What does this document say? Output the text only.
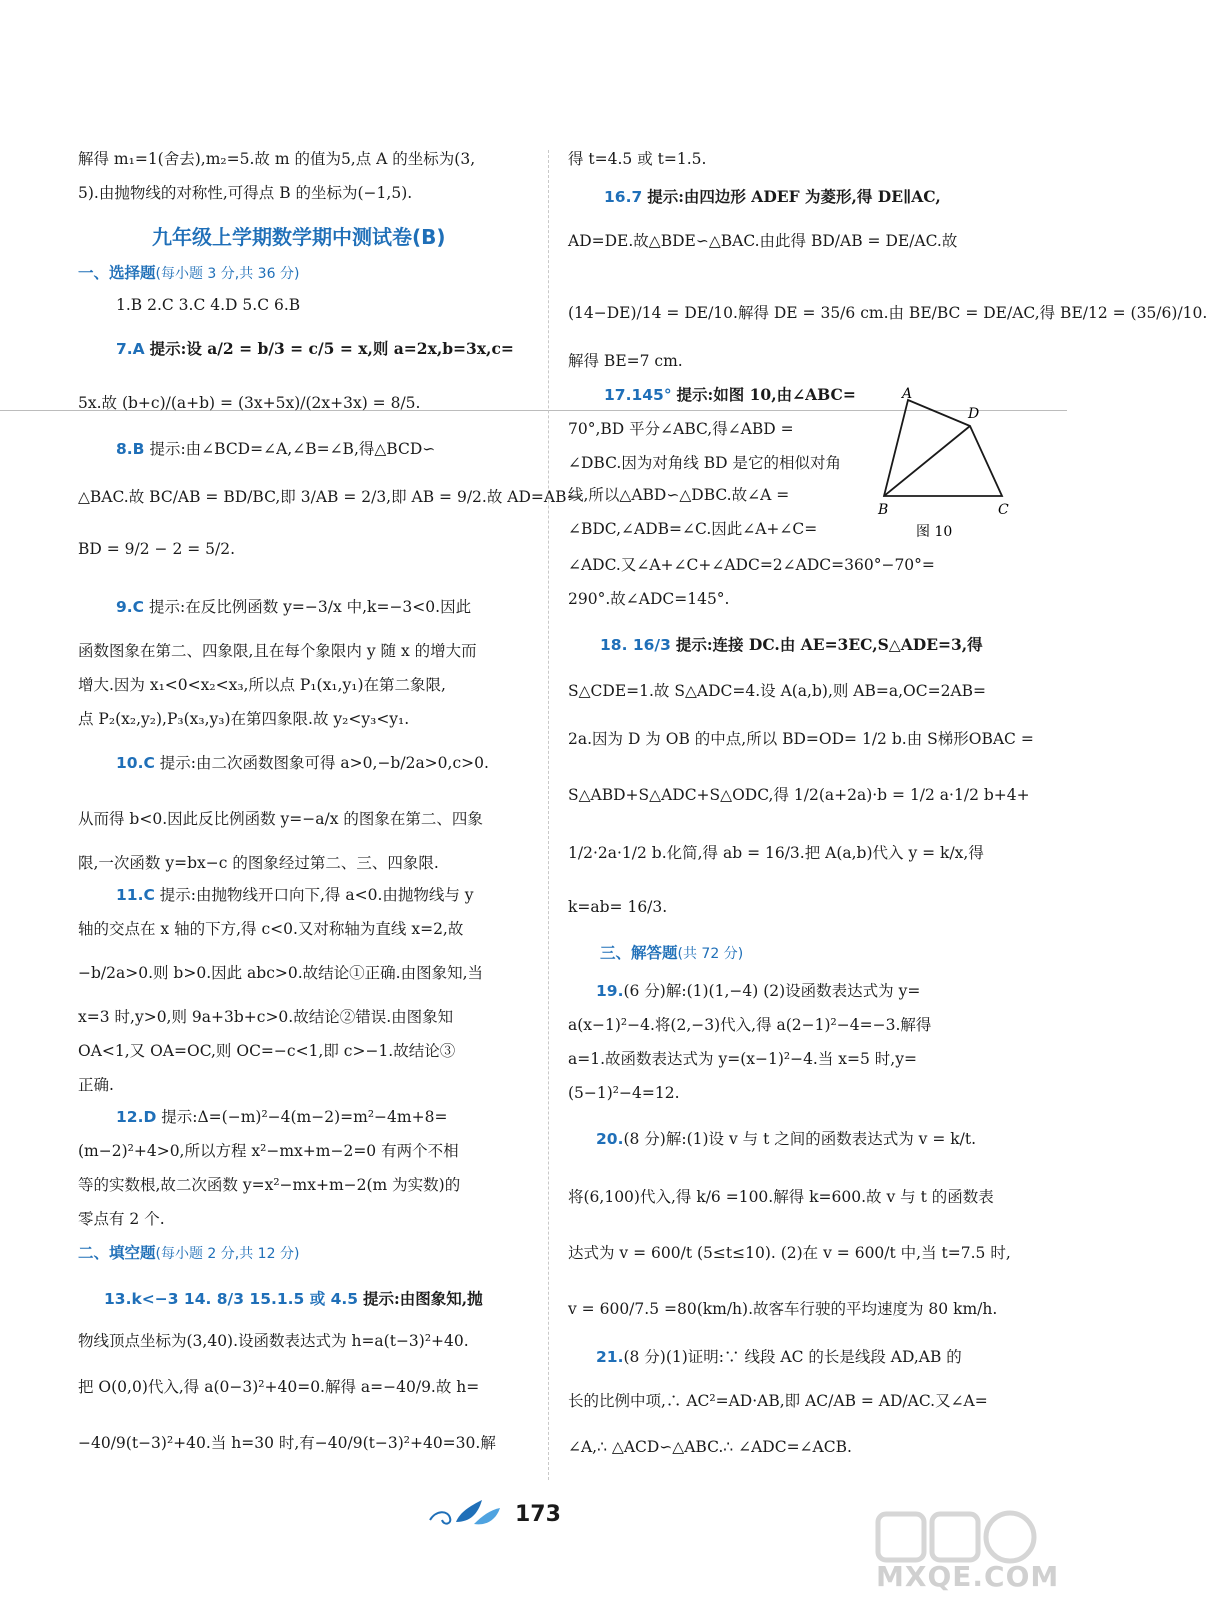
解得 m₁=1(舍去),m₂=5.故 m 的值为5,点 A 的坐标为(3,
5).由抛物线的对称性,可得点 B 的坐标为(−1,5).
九年级上学期数学期中测试卷(B)
一、选择题(每小题 3 分,共 36 分)
1.B 2.C 3.C 4.D 5.C 6.B
7.A 提示:设 a/2 = b/3 = c/5 = x,则 a=2x,b=3x,c=
5x.故 (b+c)/(a+b) = (3x+5x)/(2x+3x) = 8/5.
8.B 提示:由∠BCD=∠A,∠B=∠B,得△BCD∽
△BAC.故 BC/AB = BD/BC,即 3/AB = 2/3,即 AB = 9/2.故 AD=AB−
BD = 9/2 − 2 = 5/2.
9.C 提示:在反比例函数 y=−3/x 中,k=−3<0.因此
函数图象在第二、四象限,且在每个象限内 y 随 x 的增大而
增大.因为 x₁<0<x₂<x₃,所以点 P₁(x₁,y₁)在第二象限,
点 P₂(x₂,y₂),P₃(x₃,y₃)在第四象限.故 y₂<y₃<y₁.
10.C 提示:由二次函数图象可得 a>0,−b/2a>0,c>0.
从而得 b<0.因此反比例函数 y=−a/x 的图象在第二、四象
限,一次函数 y=bx−c 的图象经过第二、三、四象限.
11.C 提示:由抛物线开口向下,得 a<0.由抛物线与 y
轴的交点在 x 轴的下方,得 c<0.又对称轴为直线 x=2,故
−b/2a>0.则 b>0.因此 abc>0.故结论①正确.由图象知,当
x=3 时,y>0,则 9a+3b+c>0.故结论②错误.由图象知
OA<1,又 OA=OC,则 OC=−c<1,即 c>−1.故结论③
正确.
12.D 提示:Δ=(−m)²−4(m−2)=m²−4m+8=
(m−2)²+4>0,所以方程 x²−mx+m−2=0 有两个不相
等的实数根,故二次函数 y=x²−mx+m−2(m 为实数)的
零点有 2 个.
二、填空题(每小题 2 分,共 12 分)
13.k<−3 14. 8/3 15.1.5 或 4.5 提示:由图象知,抛
物线顶点坐标为(3,40).设函数表达式为 h=a(t−3)²+40.
把 O(0,0)代入,得 a(0−3)²+40=0.解得 a=−40/9.故 h=
−40/9(t−3)²+40.当 h=30 时,有−40/9(t−3)²+40=30.解
得 t=4.5 或 t=1.5.
16.7 提示:由四边形 ADEF 为菱形,得 DE∥AC,
AD=DE.故△BDE∽△BAC.由此得 BD/AB = DE/AC.故
(14−DE)/14 = DE/10.解得 DE = 35/6 cm.由 BE/BC = DE/AC,得 BE/12 = (35/6)/10.
解得 BE=7 cm.
17.145° 提示:如图 10,由∠ABC=
70°,BD 平分∠ABC,得∠ABD =
∠DBC.因为对角线 BD 是它的相似对角
线,所以△ABD∽△DBC.故∠A =
∠BDC,∠ADB=∠C.因此∠A+∠C=
∠ADC.又∠A+∠C+∠ADC=2∠ADC=360°−70°=
290°.故∠ADC=145°.
18. 16/3 提示:连接 DC.由 AE=3EC,S△ADE=3,得
S△CDE=1.故 S△ADC=4.设 A(a,b),则 AB=a,OC=2AB=
2a.因为 D 为 OB 的中点,所以 BD=OD= 1/2 b.由 S梯形OBAC =
S△ABD+S△ADC+S△ODC,得 1/2(a+2a)·b = 1/2 a·1/2 b+4+
1/2·2a·1/2 b.化简,得 ab = 16/3.把 A(a,b)代入 y = k/x,得
k=ab= 16/3.
三、解答题(共 72 分)
19.(6 分)解:(1)(1,−4) (2)设函数表达式为 y=
a(x−1)²−4.将(2,−3)代入,得 a(2−1)²−4=−3.解得
a=1.故函数表达式为 y=(x−1)²−4.当 x=5 时,y=
(5−1)²−4=12.
20.(8 分)解:(1)设 v 与 t 之间的函数表达式为 v = k/t.
将(6,100)代入,得 k/6 =100.解得 k=600.故 v 与 t 的函数表
达式为 v = 600/t (5≤t≤10). (2)在 v = 600/t 中,当 t=7.5 时,
v = 600/7.5 =80(km/h).故客车行驶的平均速度为 80 km/h.
21.(8 分)(1)证明:∵ 线段 AC 的长是线段 AD,AB 的
长的比例中项,∴ AC²=AD·AB,即 AC/AB = AD/AC.又∠A=
∠A,∴ △ACD∽△ABC.∴ ∠ADC=∠ACB.
A
D
B	C
图 10
173
MXQE.COM
